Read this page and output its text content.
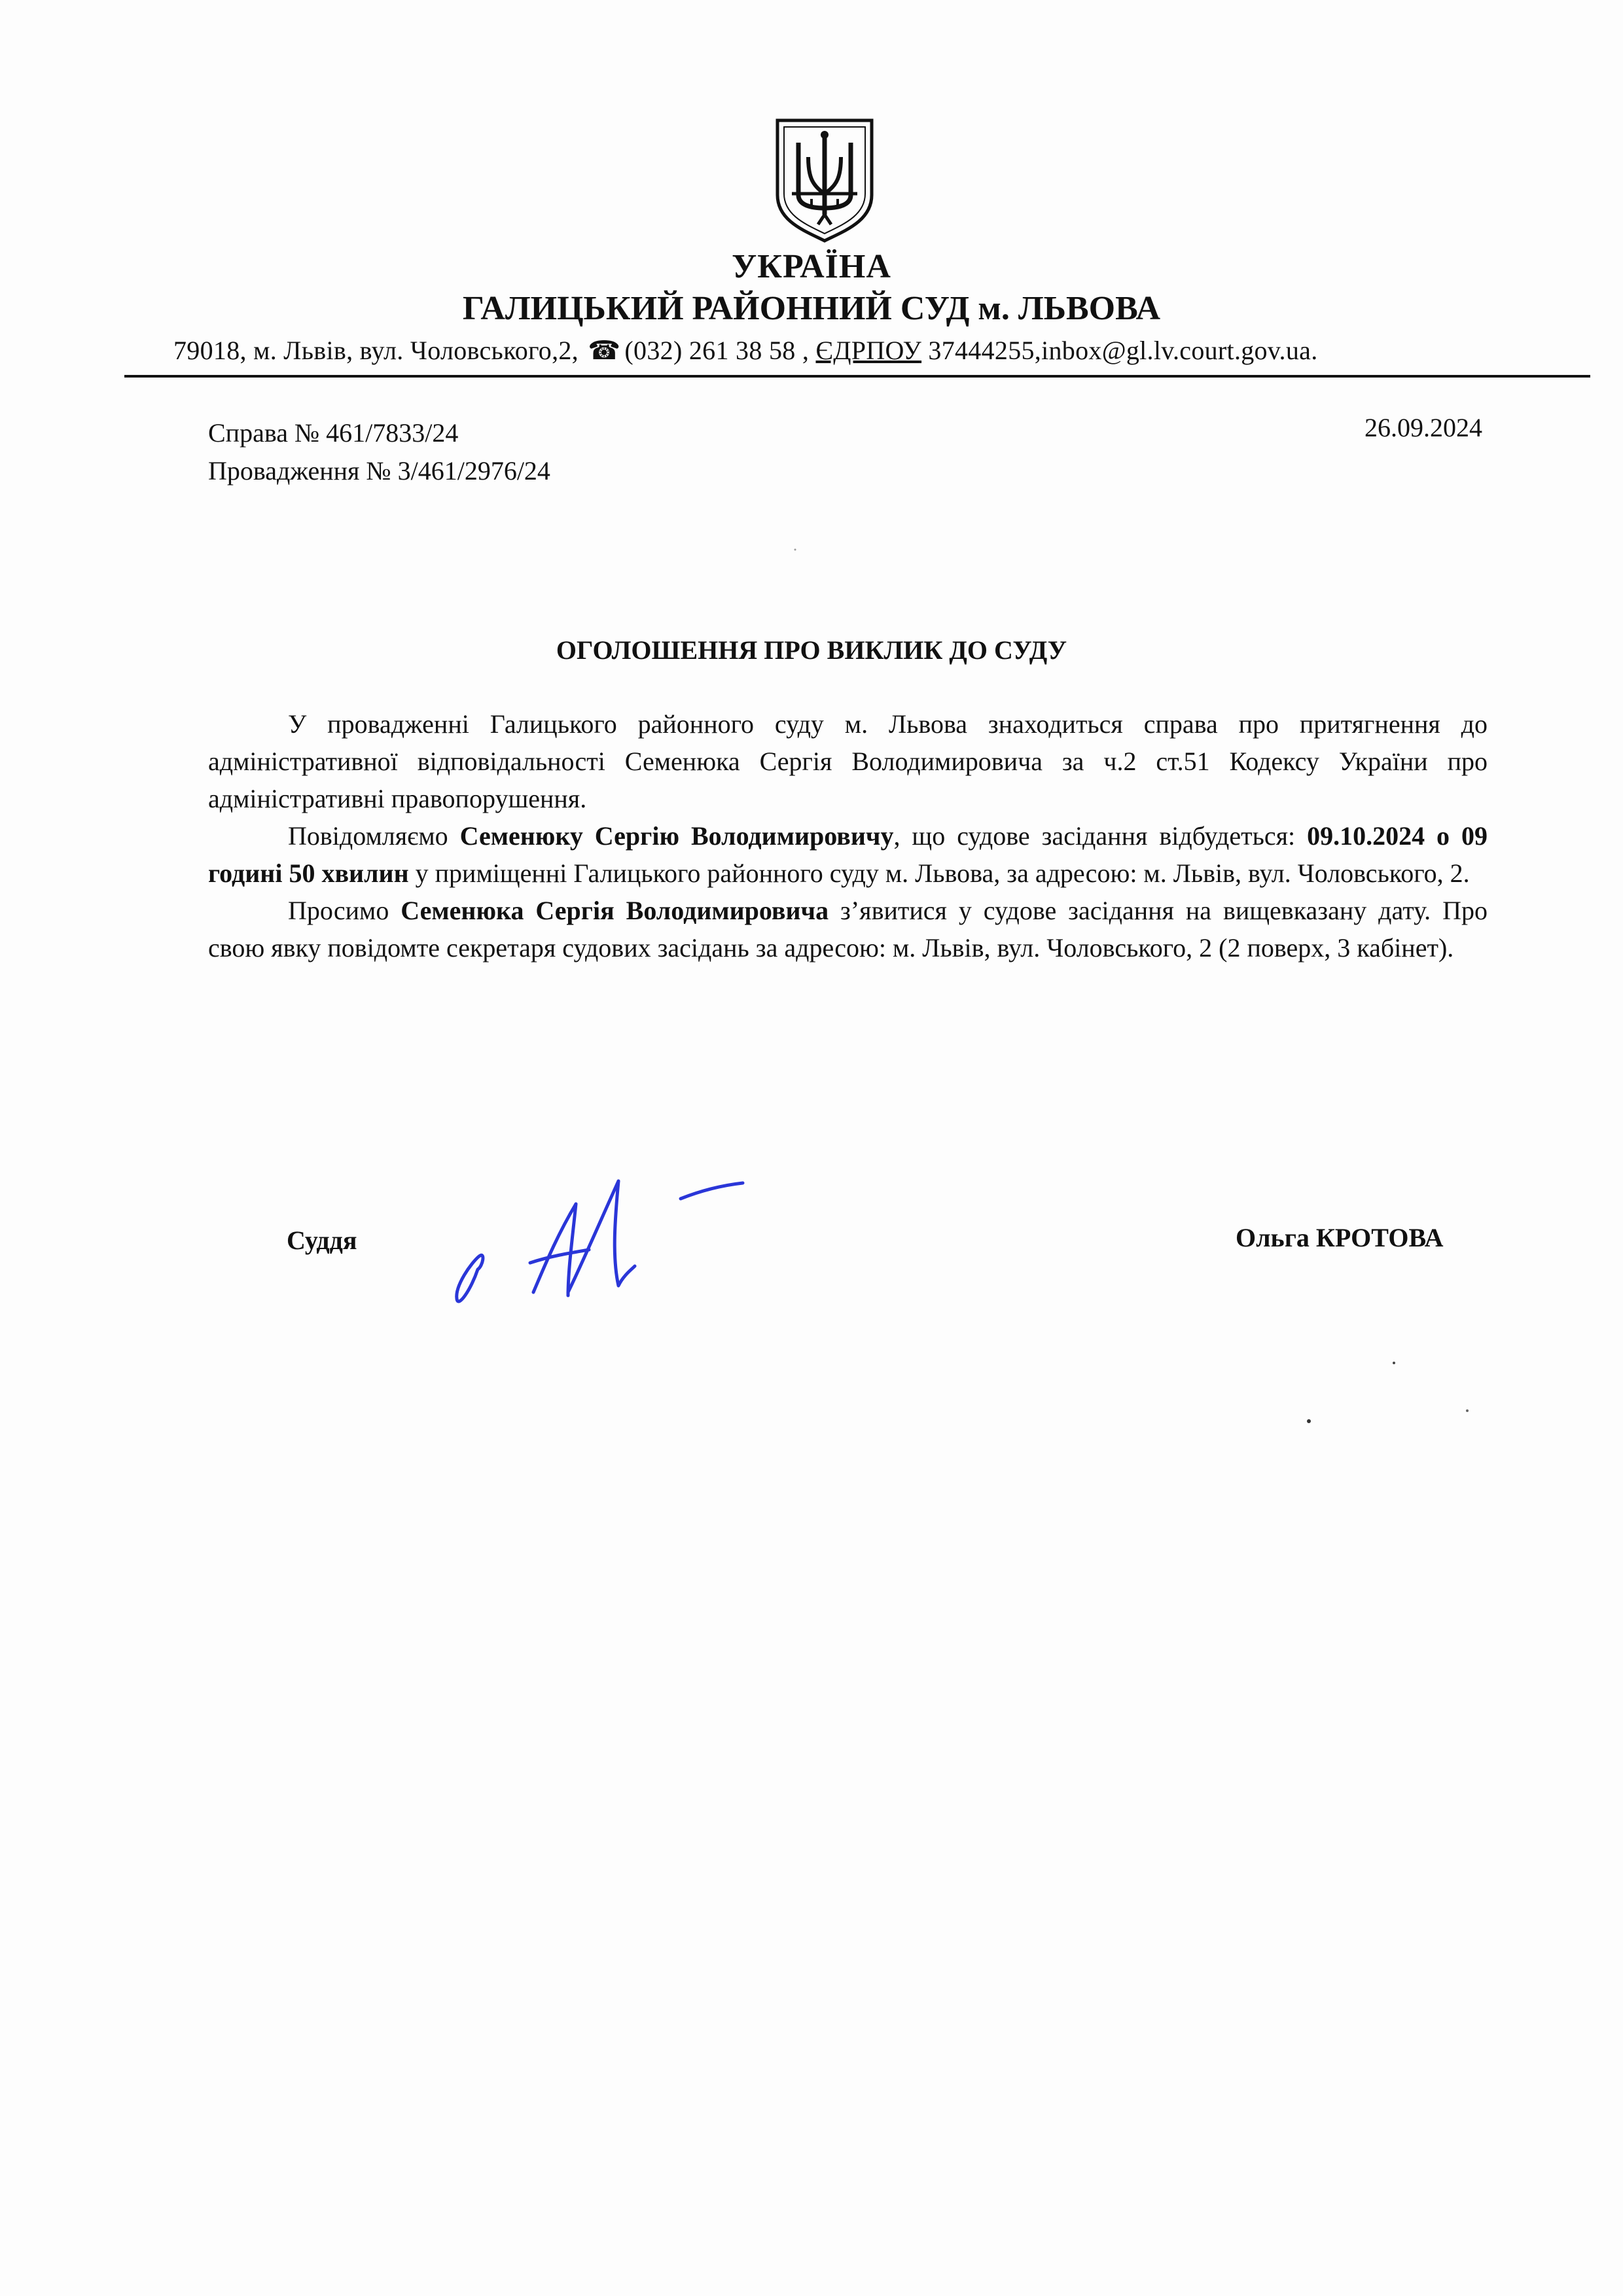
УКРАЇНА
ГАЛИЦЬКИЙ РАЙОННИЙ СУД м. ЛЬВОВА
79018, м. Львів, вул. Чоловського,2, ☎ (032) 261 38 58 , ЄДРПОУ 37444255,inbox@gl.lv.court.gov.ua.
Справа № 461/7833/24
Провадження № 3/461/2976/24
26.09.2024
ОГОЛОШЕННЯ ПРО ВИКЛИК ДО СУДУ

У провадженні Галицького районного суду м. Львова знаходиться справа про притягнення до адміністративної відповідальності Семенюка Сергія Володимировича за ч.2 ст.51 Кодексу України про адміністративні правопорушення.

Повідомляємо Семенюку Сергію Володимировичу, що судове засідання відбудеться: 09.10.2024 о 09 годині 50 хвилин у приміщенні Галицького районного суду м. Львова, за адресою: м. Львів, вул. Чоловського, 2.

Просимо Семенюка Сергія Володимировича з’явитися у судове засідання на вищевказану дату. Про свою явку повідомте секретаря судових засідань за адресою: м. Львів, вул. Чоловського, 2 (2 поверх, 3 кабінет).

Суддя	Ольга КРОТОВА
